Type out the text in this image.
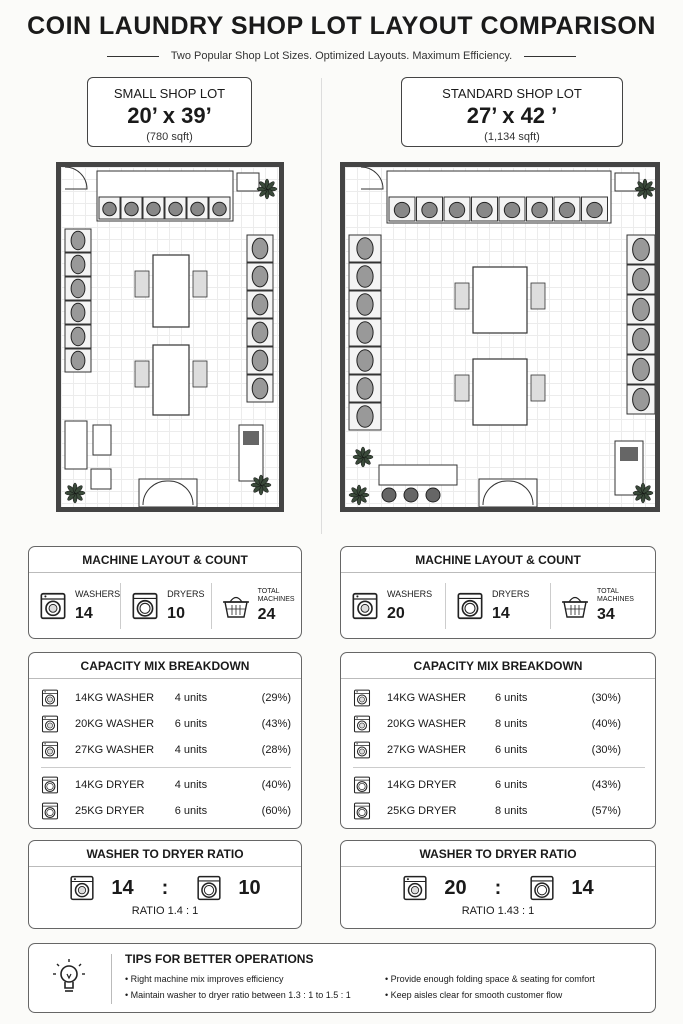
COIN LAUNDRY SHOP LOT LAYOUT COMPARISON
Two Popular Shop Lot Sizes. Optimized Layouts. Maximum Efficiency.
SMALL SHOP LOT
20’ x 39’
(780 sqft)
STANDARD SHOP LOT
27’ x 42 ’
(1,134 sqft)
MACHINE LAYOUT & COUNT
WASHERS
14
DRYERS
10
TOTAL
MACHINES
24
MACHINE LAYOUT & COUNT
WASHERS
20
DRYERS
14
TOTAL
MACHINES
34
CAPACITY MIX BREAKDOWN
14KG WASHER	4 units	(29%)
20KG WASHER	6 units	(43%)
27KG WASHER	4 units	(28%)
14KG DRYER	4 units	(40%)
25KG DRYER	6 units	(60%)
CAPACITY MIX BREAKDOWN
14KG WASHER	6 units	(30%)
20KG WASHER	8 units	(40%)
27KG WASHER	6 units	(30%)
14KG DRYER	6 units	(43%)
25KG DRYER	8 units	(57%)
WASHER TO DRYER RATIO
14 :	10
RATIO 1.4 : 1
WASHER TO DRYER RATIO
20 :	14
RATIO 1.43 : 1
TIPS FOR BETTER OPERATIONS
• Right machine mix improves efficiency
• Maintain washer to dryer ratio between 1.3 : 1 to 1.5 : 1
• Provide enough folding space & seating for comfort
• Keep aisles clear for smooth customer flow
